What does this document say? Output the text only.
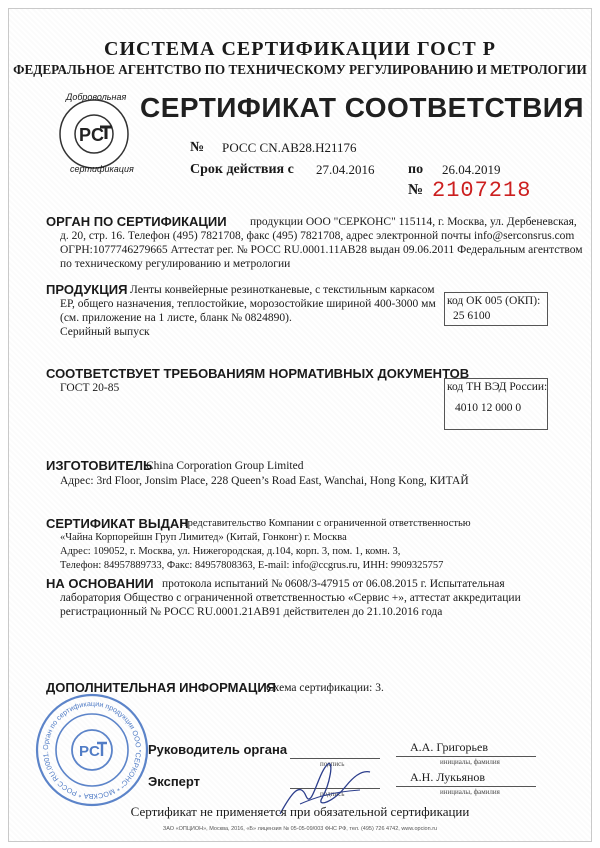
СИСТЕМА СЕРТИФИКАЦИИ ГОСТ Р
ФЕДЕРАЛЬНОЕ АГЕНТСТВО ПО ТЕХНИЧЕСКОМУ РЕГУЛИРОВАНИЮ И МЕТРОЛОГИИ
PC
Добровольная
сертификация
СЕРТИФИКАТ СООТВЕТСТВИЯ
№ РОСС CN.АВ28.Н21176
Срок действия с 27.04.2016 по 26.04.2019
№ 2107218
ОРГАН ПО СЕРТИФИКАЦИИ продукции ООО "СЕРКОНС" 115114, г. Москва, ул. Дербеневская,
д. 20, стр. 16. Телефон (495) 7821708, факс (495) 7821708, адрес электронной почты info@serconsrus.com
ОГРН:1077746279665 Аттестат рег. № РОСС RU.0001.11АВ28 выдан 09.06.2011 Федеральным агентством
по техническому регулированию и метрологии
ПРОДУКЦИЯ Ленты конвейерные резинотканевые, с текстильным каркасом
ЕР, общего назначения, теплостойкие, морозостойкие шириной 400-3000 мм
(см. приложение на 1 листе, бланк № 0824890).
Серийный выпуск
код ОК 005 (ОКП):
25 6100
СООТВЕТСТВУЕТ ТРЕБОВАНИЯМ НОРМАТИВНЫХ ДОКУМЕНТОВ
ГОСТ 20-85	код ТН ВЭД России:
4010 12 000 0
ИЗГОТОВИТЕЛЬ
China Corporation Group Limited
Адрес: 3rd Floor, Jonsim Place, 228 Queen’s Road East, Wanchai, Hong Kong, КИТАЙ
СЕРТИФИКАТ ВЫДАН
Представительство Компании с ограниченной ответственностью
«Чайна Корпорейшн Груп Лимитед» (Китай, Гонконг) г. Москва
Адрес: 109052, г. Москва, ул. Нижегородская, д.104, корп. 3, пом. 1, комн. 3,
Телефон: 84957889733, Факс: 84957808363, E-mail: info@ccgrus.ru, ИНН: 9909325757
НА ОСНОВАНИИ протокола испытаний № 0608/3-47915 от 06.08.2015 г. Испытательная
лаборатория Общество с ограниченной ответственностью «Сервис +», аттестат аккредитации
регистрационный № РОСС RU.0001.21АВ91 действителен до 21.10.2016 года
ДОПОЛНИТЕЛЬНАЯ ИНФОРМАЦИЯ
Схема сертификации: 3.
Орган по сертификации продукции ООО "СЕРКОНС" * МОСКВА * РОСС RU.0001.	PC	Руководитель органа
подпись
А.А. Григорьев
инициалы, фамилия
Эксперт
подпись
А.Н. Лукьянов
инициалы, фамилия
Сертификат не применяется при обязательной сертификации
ЗАО «ОПЦИОН», Москва, 2016, «Б» лицензия № 05-05-09/003 ФНС РФ, тел. (495) 726 4742, www.opcion.ru
